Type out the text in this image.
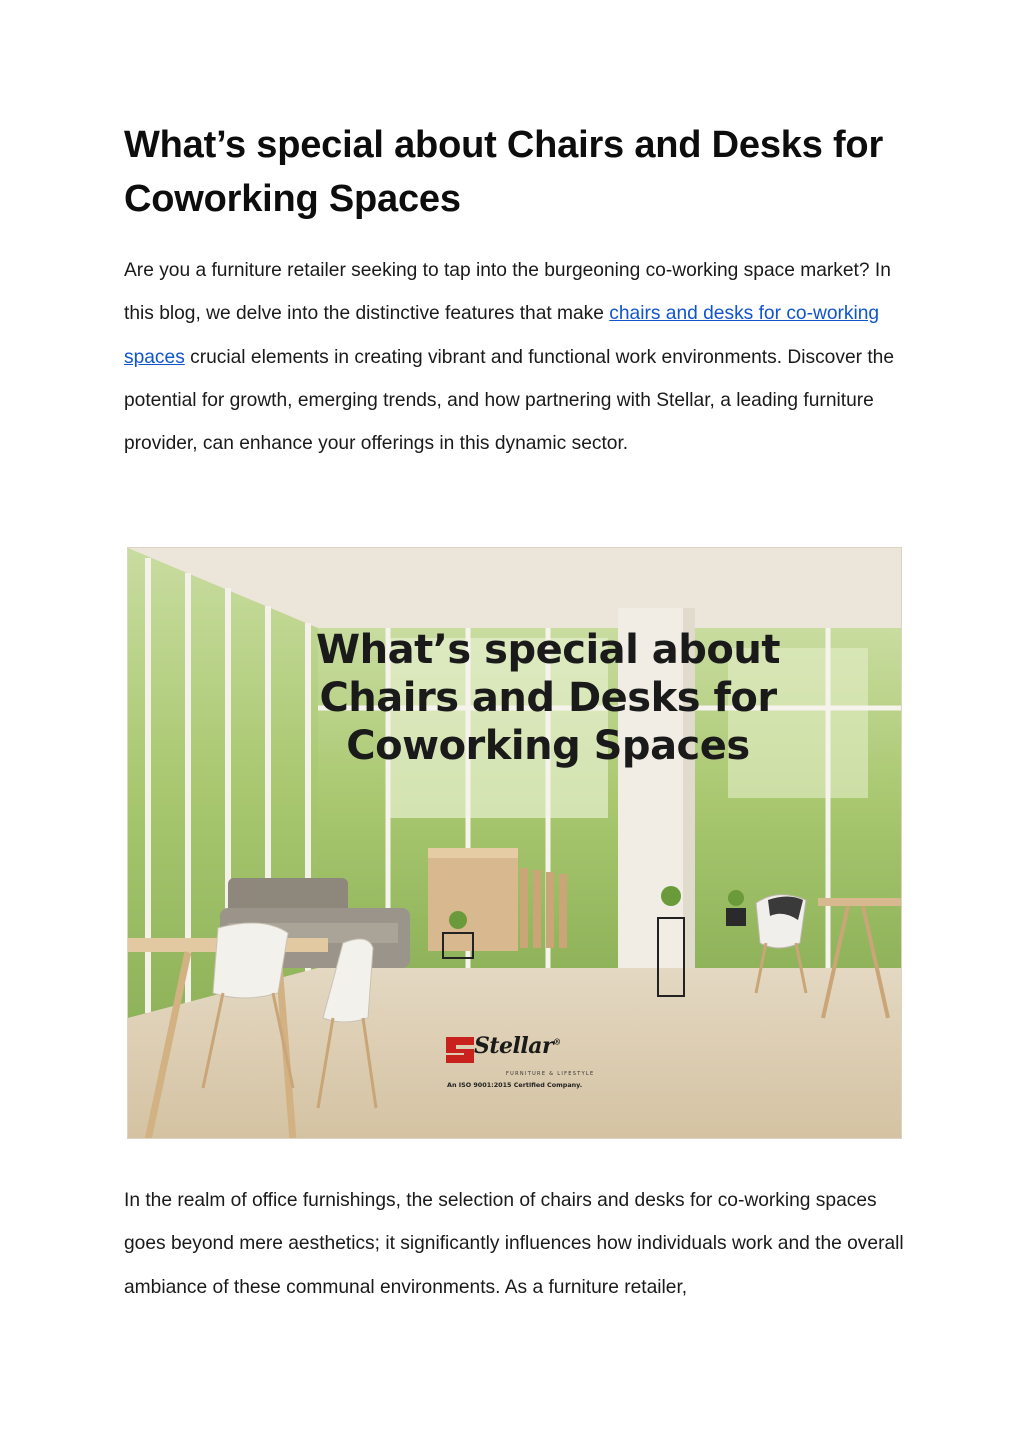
What’s special about Chairs and Desks for Coworking Spaces

Are you a furniture retailer seeking to tap into the burgeoning co-working space market? In this blog, we delve into the distinctive features that make chairs and desks for co-working spaces crucial elements in creating vibrant and functional work environments. Discover the potential for growth, emerging trends, and how partnering with Stellar, a leading furniture provider, can enhance your offerings in this dynamic sector.

In the realm of office furnishings, the selection of chairs and desks for co-working spaces goes beyond mere aesthetics; it significantly influences how individuals work and the overall ambiance of these communal environments. As a furniture retailer,

What’s special about
Chairs and Desks for
Coworking Spaces
Stellar®
FURNITURE & LIFESTYLE
An ISO 9001:2015 Certified Company.
